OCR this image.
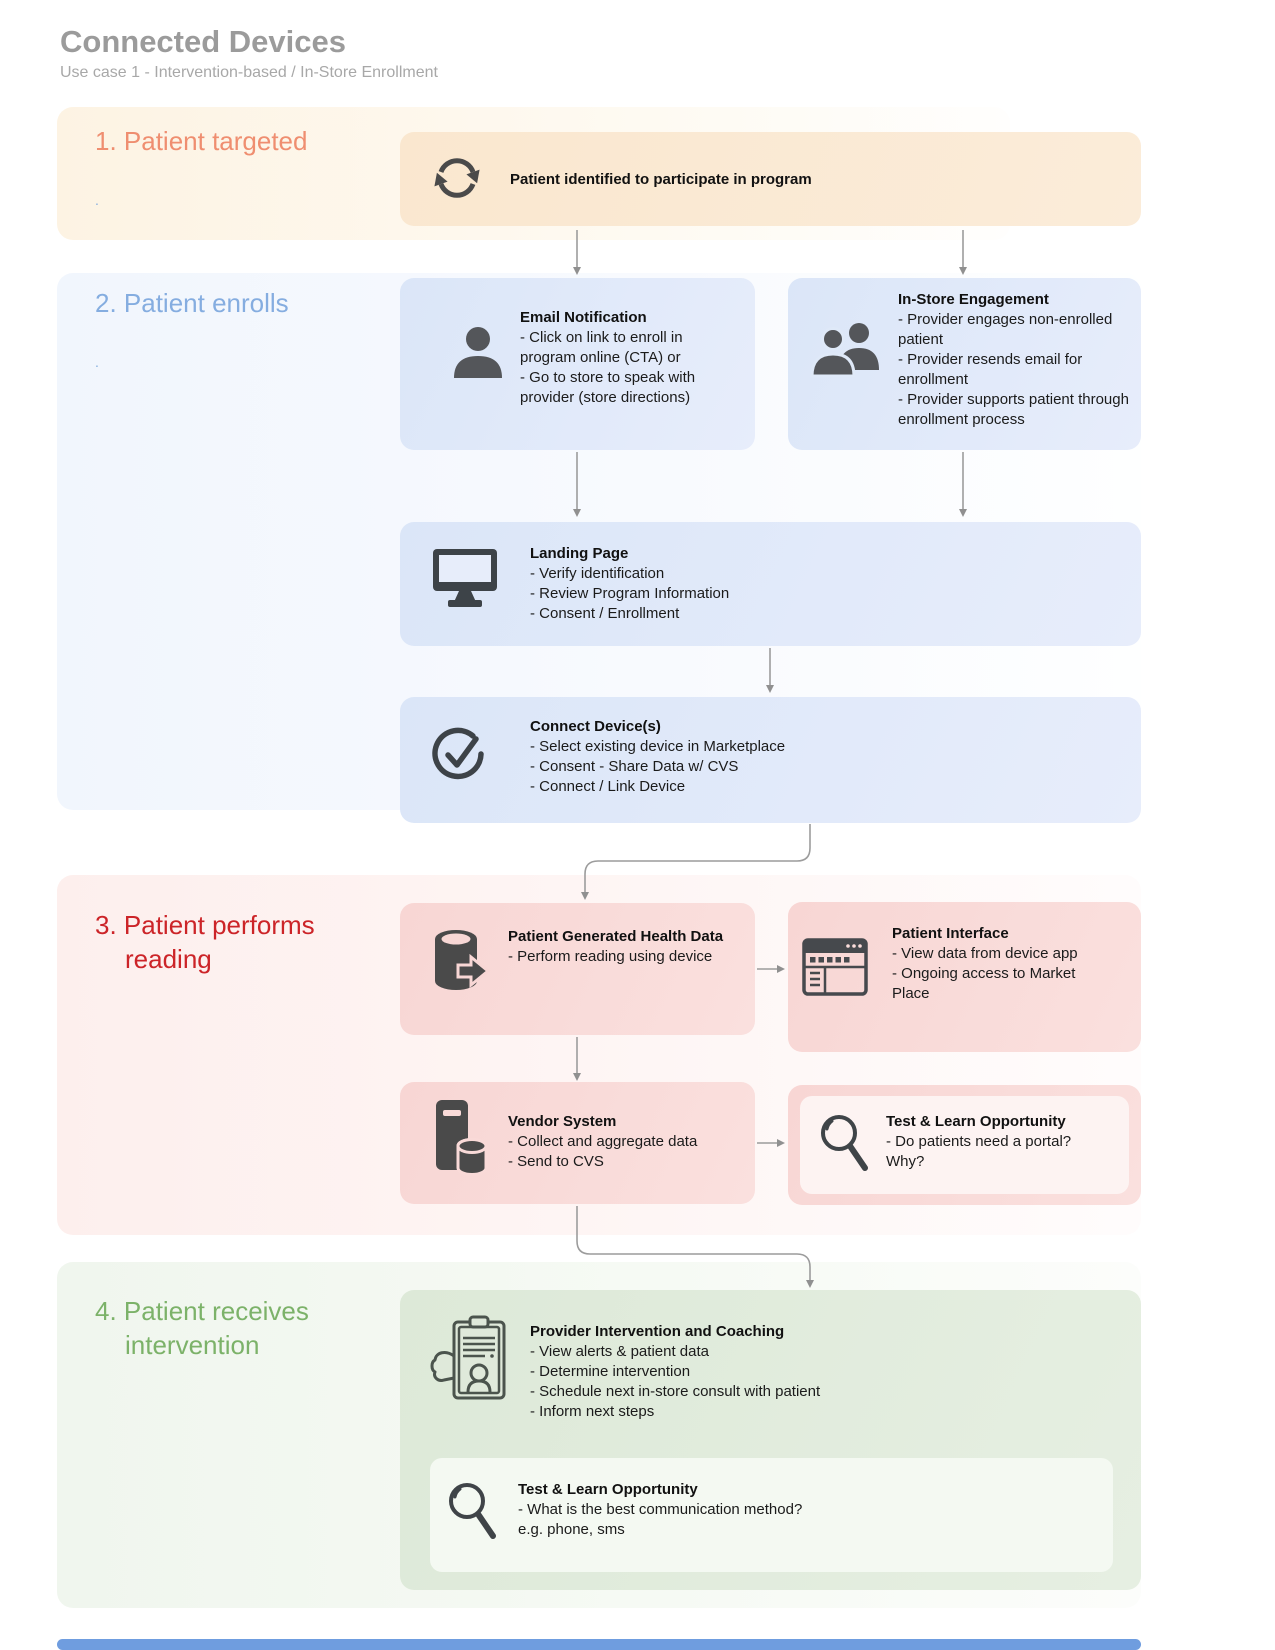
Connected Devices
Use case 1 - Intervention-based / In-Store Enrollment
1. Patient targeted
.
2. Patient enrolls
.
3. Patient performs
reading
4. Patient receives
intervention
Patient identified to participate in program
Email Notification
- Click on link to enroll in program online (CTA) or
- Go to store to speak with provider (store directions)
In-Store Engagement
- Provider engages non-enrolled patient
- Provider resends email for enrollment
- Provider supports patient through enrollment process
Landing Page
- Verify identification
- Review Program Information
- Consent / Enrollment
Connect Device(s)
- Select existing device in Marketplace
- Consent - Share Data w/ CVS
- Connect / Link Device
Patient Generated Health Data
- Perform reading using device
Patient Interface
- View data from device app
- Ongoing access to Market Place
Vendor System
- Collect and aggregate data
- Send to CVS
Test & Learn Opportunity
- Do patients need a portal? Why?
Provider Intervention and Coaching
- View alerts & patient data
- Determine intervention
- Schedule next in-store consult with patient
- Inform next steps
Test & Learn Opportunity
- What is the best communication method?
e.g. phone, sms
